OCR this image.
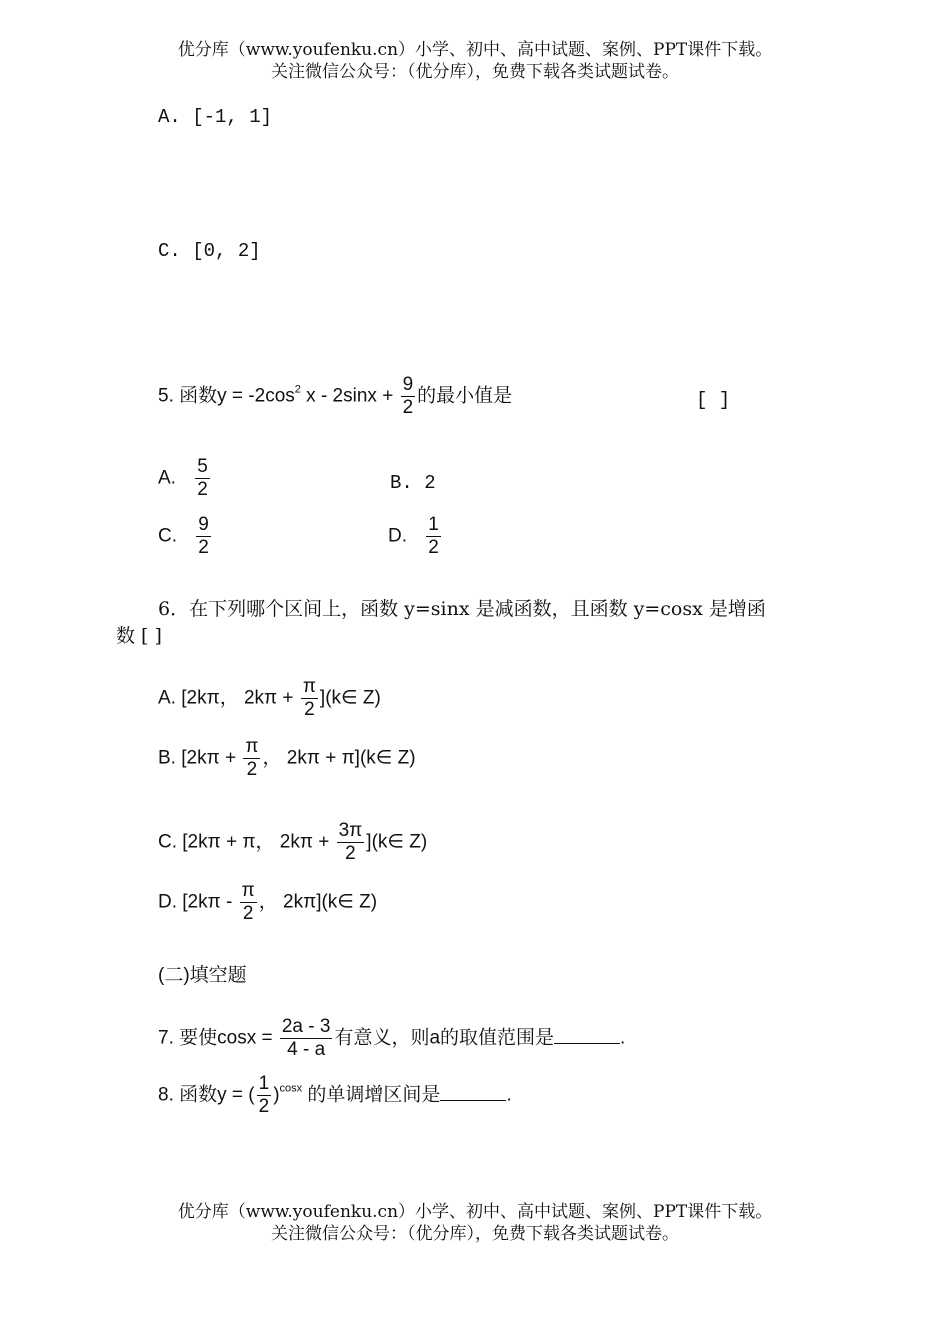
优分库（www.youfenku.cn）小学、初中、高中试题、案例、PPT课件下载。
关注微信公众号：（优分库），免费下载各类试题试卷。
A. [-1, 1]
C. [0, 2]
5. 函数$y = -2\cos^2$ $x - 2\sin x + \frac{9}{2}$ 的最小值是	[ ]
A. $\frac{5}{2}$	B. 2
C. $\frac{9}{2}$	D. $\frac{1}{2}$
6．在下列哪个区间上，函数 y=sinx 是减函数，且函数 y=cosx 是增函
数 [ ]
A. [2kπ， $2k\pi + \frac{\pi}{2}$ ](k∈ Z)
B. [$2k\pi + \frac{\pi}{2}$ ， 2kπ + π](k∈ Z)
C. [2kπ + π， $2k\pi + \frac{3\pi}{2}$ ](k∈ Z)
D. [$2k\pi - \frac{\pi}{2}$ ， 2kπ](k∈ Z)
(二)填空题
7. 要使$\cos x = \frac{2a - 3}{4 - a}$ 有意义，则a的取值范围是	.
8. 函数y = ( $\frac{1}{2} )^{cosx}$ 的单调增区间是	.
优分库（www.youfenku.cn）小学、初中、高中试题、案例、PPT课件下载。
关注微信公众号：（优分库），免费下载各类试题试卷。
